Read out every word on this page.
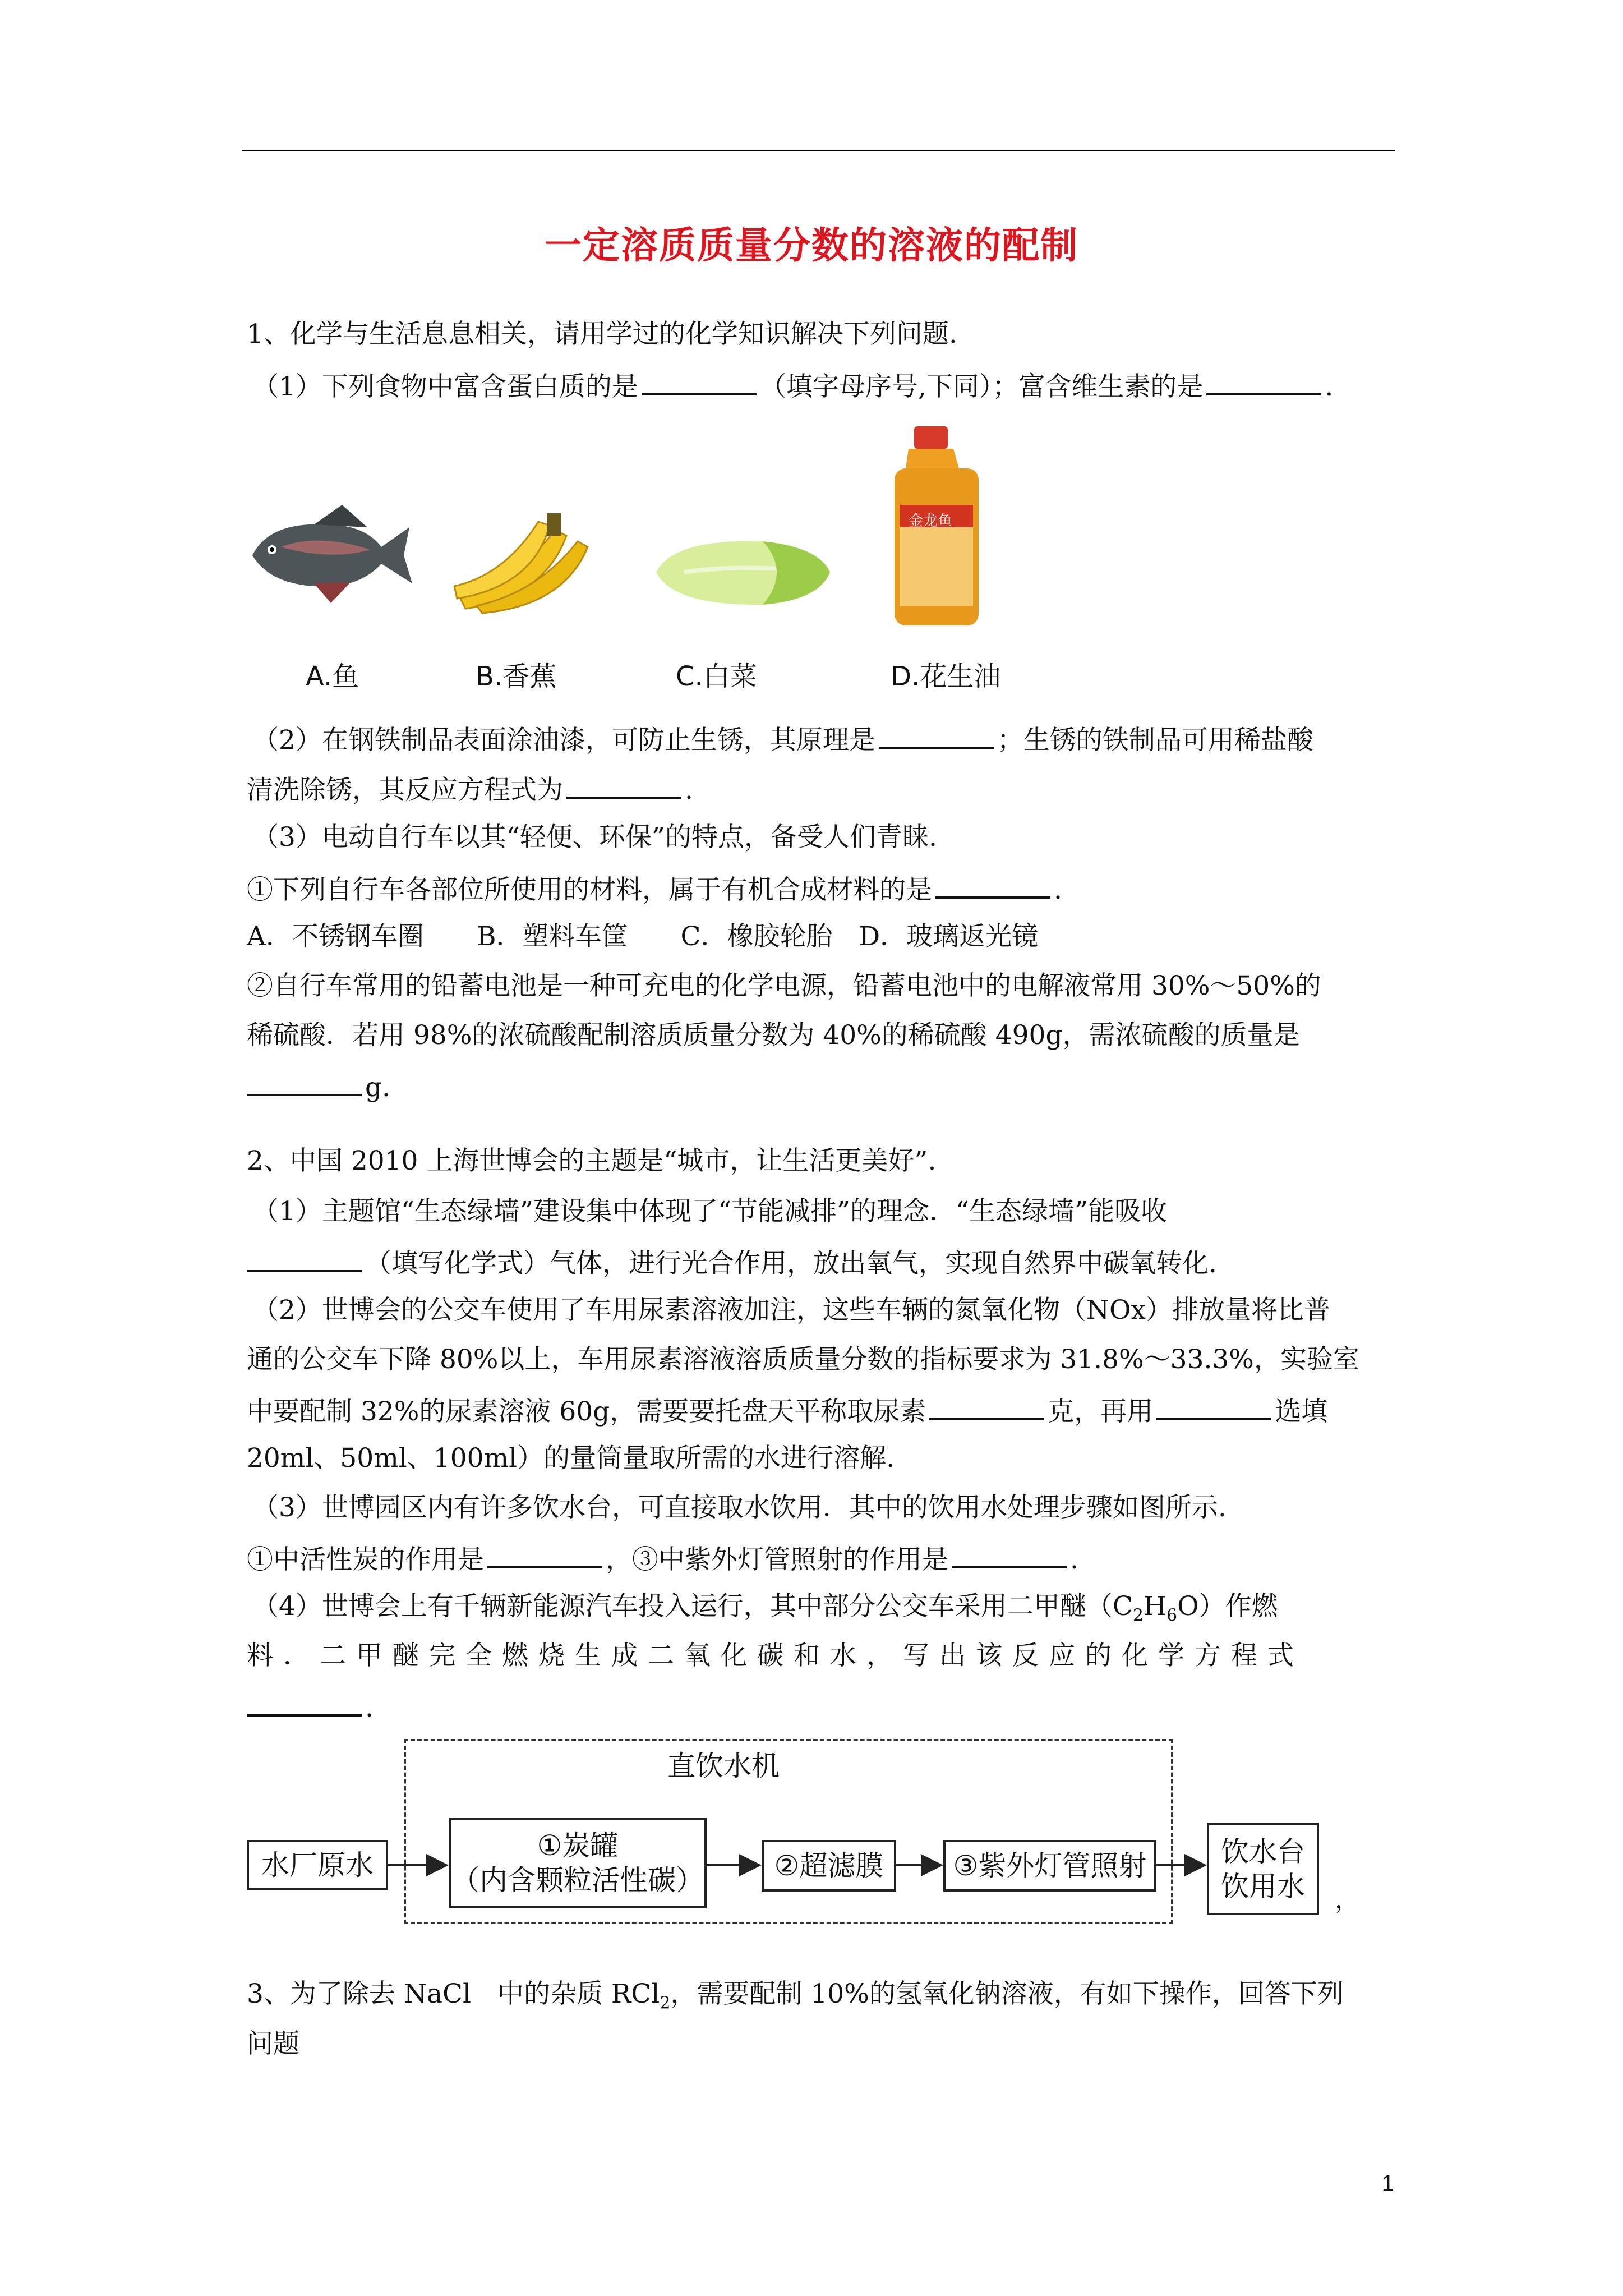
一定溶质质量分数的溶液的配制
1、化学与生活息息相关，请用学过的化学知识解决下列问题.
（1）下列食物中富含蛋白质的是	（填字母序号,下同）；富含维生素的是	.
金龙鱼
A.鱼	B.香蕉	C.白菜	D.花生油
（2）在钢铁制品表面涂油漆，可防止生锈，其原理是	；生锈的铁制品可用稀盐酸
清洗除锈，其反应方程式为	.
（3）电动自行车以其“轻便、环保”的特点，备受人们青睐.
①下列自行车各部位所使用的材料，属于有机合成材料的是	.
A．不锈钢车圈　　B．塑料车筐　　C．橡胶轮胎　D．玻璃返光镜
②自行车常用的铅蓄电池是一种可充电的化学电源，铅蓄电池中的电解液常用 30%～50%的
稀硫酸．若用 98%的浓硫酸配制溶质质量分数为 40%的稀硫酸 490g，需浓硫酸的质量是
g.
2、中国 2010 上海世博会的主题是“城市，让生活更美好”.
（1）主题馆“生态绿墙”建设集中体现了“节能减排”的理念．“生态绿墙”能吸收
（填写化学式）气体，进行光合作用，放出氧气，实现自然界中碳氧转化.
（2）世博会的公交车使用了车用尿素溶液加注，这些车辆的氮氧化物（NOx）排放量将比普
通的公交车下降 80%以上，车用尿素溶液溶质质量分数的指标要求为 31.8%～33.3%，实验室
中要配制 32%的尿素溶液 60g，需要要托盘天平称取尿素	克，再用	选填
20ml、50ml、100ml）的量筒量取所需的水进行溶解.
（3）世博园区内有许多饮水台，可直接取水饮用．其中的饮用水处理步骤如图所示.
①中活性炭的作用是	，③中紫外灯管照射的作用是	.
（4）世博会上有千辆新能源汽车投入运行，其中部分公交车采用二甲醚$(C_2H_6O)$作燃
料．二甲醚完全燃烧生成二氧化碳和水，写出该反应的化学方程式
.
直饮水机
水厂原水
①炭罐
（内含颗粒活性碳）	②超滤膜	③紫外灯管照射	饮水台
饮用水 ，
3、为了除去 NaCl　中的杂质 RCl$_2$，需要配制 10%的氢氧化钠溶液，有如下操作，回答下列
问题
1
